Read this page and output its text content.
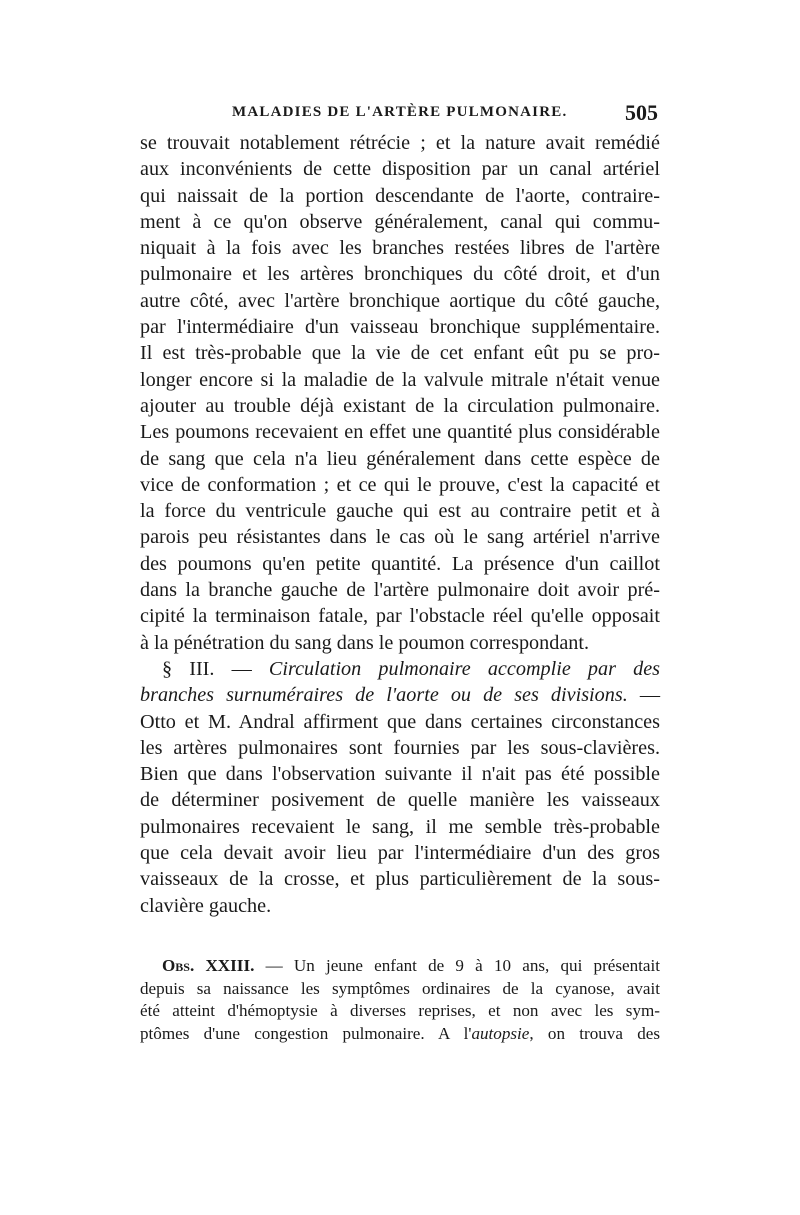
MALADIES DE L'ARTÈRE PULMONAIRE.	505
se trouvait notablement rétrécie ; et la nature avait remédié
aux inconvénients de cette disposition par un canal artériel
qui naissait de la portion descendante de l'aorte, contraire-
ment à ce qu'on observe généralement, canal qui commu-
niquait à la fois avec les branches restées libres de l'artère
pulmonaire et les artères bronchiques du côté droit, et d'un
autre côté, avec l'artère bronchique aortique du côté gauche,
par l'intermédiaire d'un vaisseau bronchique supplémentaire.
Il est très-probable que la vie de cet enfant eût pu se pro-
longer encore si la maladie de la valvule mitrale n'était venue
ajouter au trouble déjà existant de la circulation pulmonaire.
Les poumons recevaient en effet une quantité plus considérable
de sang que cela n'a lieu généralement dans cette espèce de
vice de conformation ; et ce qui le prouve, c'est la capacité et
la force du ventricule gauche qui est au contraire petit et à
parois peu résistantes dans le cas où le sang artériel n'arrive
des poumons qu'en petite quantité. La présence d'un caillot
dans la branche gauche de l'artère pulmonaire doit avoir pré-
cipité la terminaison fatale, par l'obstacle réel qu'elle opposait
à la pénétration du sang dans le poumon correspondant.
§ III. — Circulation pulmonaire accomplie par des
branches surnuméraires de l'aorte ou de ses divisions. —
Otto et M. Andral affirment que dans certaines circonstances
les artères pulmonaires sont fournies par les sous-clavières.
Bien que dans l'observation suivante il n'ait pas été possible
de déterminer posivement de quelle manière les vaisseaux
pulmonaires recevaient le sang, il me semble très-probable
que cela devait avoir lieu par l'intermédiaire d'un des gros
vaisseaux de la crosse, et plus particulièrement de la sous-
clavière gauche.
Obs. XXIII. — Un jeune enfant de 9 à 10 ans, qui présentait
depuis sa naissance les symptômes ordinaires de la cyanose, avait
été atteint d'hémoptysie à diverses reprises, et non avec les sym-
ptômes d'une congestion pulmonaire. A l'autopsie, on trouva des
